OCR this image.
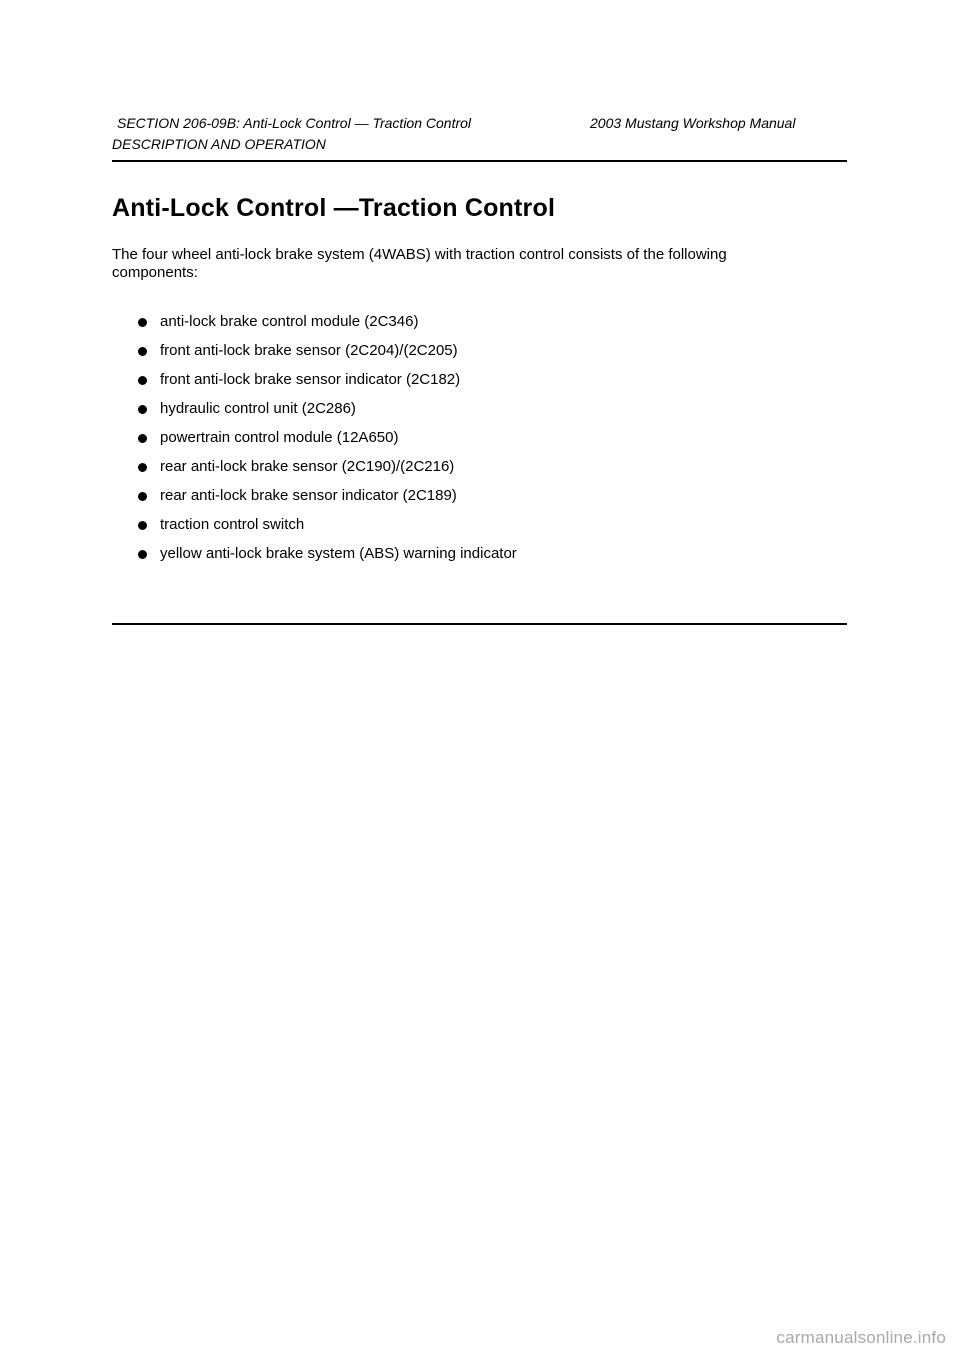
SECTION 206-09B: Anti-Lock Control — Traction Control	2003 Mustang Workshop Manual
DESCRIPTION AND OPERATION
Anti-Lock Control —Traction Control

The four wheel anti-lock brake system (4WABS) with traction control consists of the following components:

anti-lock brake control module (2C346)
front anti-lock brake sensor (2C204)/(2C205)
front anti-lock brake sensor indicator (2C182)
hydraulic control unit (2C286)
powertrain control module (12A650)
rear anti-lock brake sensor (2C190)/(2C216)
rear anti-lock brake sensor indicator (2C189)
traction control switch
yellow anti-lock brake system (ABS) warning indicator
carmanualsonline.info
